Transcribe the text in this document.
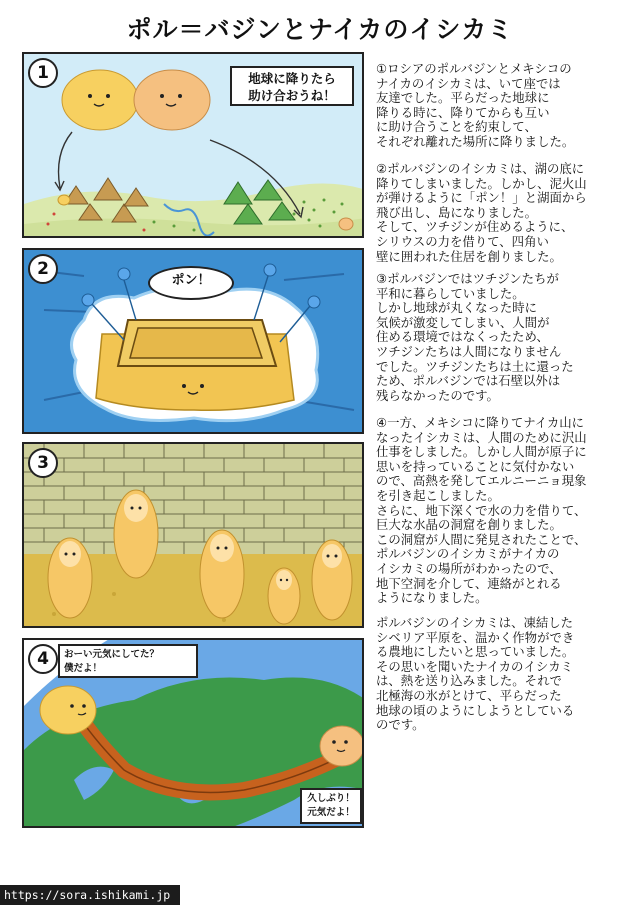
ポル＝バジンとナイカのイシカミ
1	地球に降りたら
助け合おうね！
2
ポン！
3
4	おーい元気にしてた？
僕だよ！
久しぶり！
元気だよ！

①ロシアのポルバジンとメキシコの
ナイカのイシカミは、いて座では
友達でした。平らだった地球に
降りる時に、降りてからも互い
に助け合うことを約束して、
それぞれ離れた場所に降りました。

②ポルバジンのイシカミは、湖の底に
降りてしまいました。しかし、泥火山
が弾けるように「ポン！」と湖面から
飛び出し、島になりました。
そして、ツチジンが住めるように、
シリウスの力を借りて、四角い
壁に囲われた住居を創りました。

③ポルバジンではツチジンたちが
平和に暮らしていました。
しかし地球が丸くなった時に
気候が激変してしまい、人間が
住める環境ではなくったため、
ツチジンたちは人間になりません
でした。ツチジンたちは土に還った
ため、ポルバジンでは石壁以外は
残らなかったのです。

④一方、メキシコに降りてナイカ山に
なったイシカミは、人間のために沢山
仕事をしました。しかし人間が原子に
思いを持っていることに気付かない
ので、高熱を発してエルニーニョ現象
を引き起こしました。
さらに、地下深くで水の力を借りて、
巨大な水晶の洞窟を創りました。
この洞窟が人間に発見されたことで、
ポルバジンのイシカミがナイカの
イシカミの場所がわかったので、
地下空洞を介して、連絡がとれる
ようになりました。

ポルバジンのイシカミは、凍結した
シベリア平原を、温かく作物ができ
る農地にしたいと思っていました。
その思いを聞いたナイカのイシカミ
は、熱を送り込みました。それで
北極海の氷がとけて、平らだった
地球の頃のようにしようとしている
のです。

https://sora.ishikami.jp
